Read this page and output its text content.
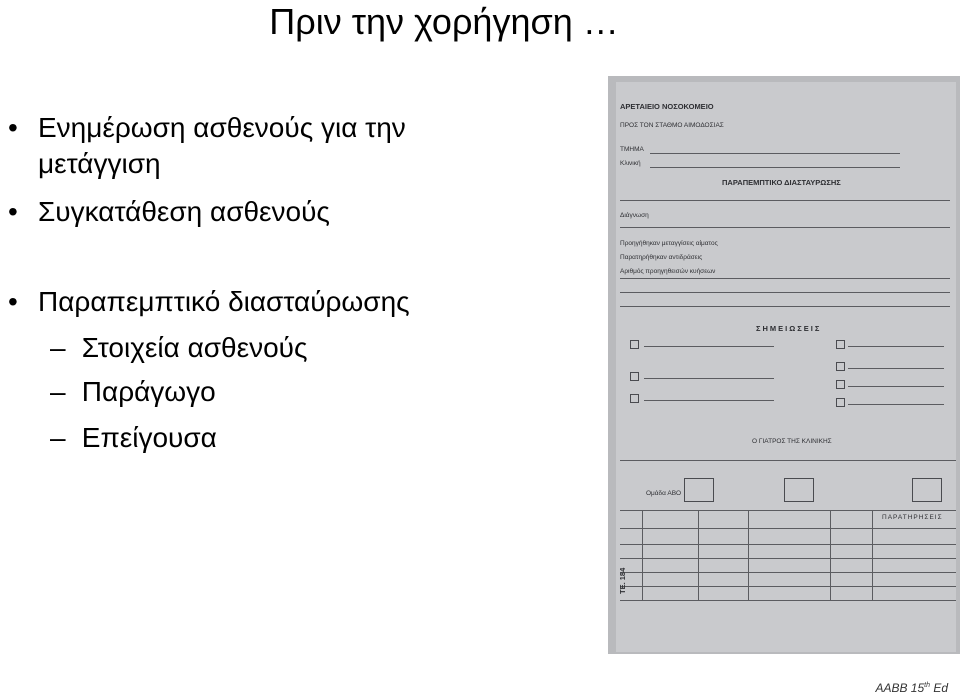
Πριν την χορήγηση …
• Ενημέρωση ασθενούς για την
μετάγγιση
• Συγκατάθεση ασθενούς
• Παραπεμπτικό διασταύρωσης
– Στοιχεία ασθενούς
– Παράγωγο
– Επείγουσα
ΑΡΕΤΑΙΕΙΟ ΝΟΣΟΚΟΜΕΙΟ
ΠΡΟΣ ΤΟΝ ΣΤΑΘΜΟ ΑΙΜΟΔΟΣΙΑΣ
ΤΜΗΜΑ
Κλινική
ΠΑΡΑΠΕΜΠΤΙΚΟ ΔΙΑΣΤΑΥΡΩΣΗΣ
Διάγνωση
Προηγήθηκαν μεταγγίσεις αίματος
Παρατηρήθηκαν αντιδράσεις
Αριθμός προηγηθεισών κυήσεων
ΣΗΜΕΙΩΣΕΙΣ
Ο ΓΙΑΤΡΟΣ ΤΗΣ ΚΛΙΝΙΚΗΣ
Ομάδα ΑΒΟ
ΠΑΡΑΤΗΡΗΣΕΙΣ
ΤΕ. 184
AABB 15th Ed
